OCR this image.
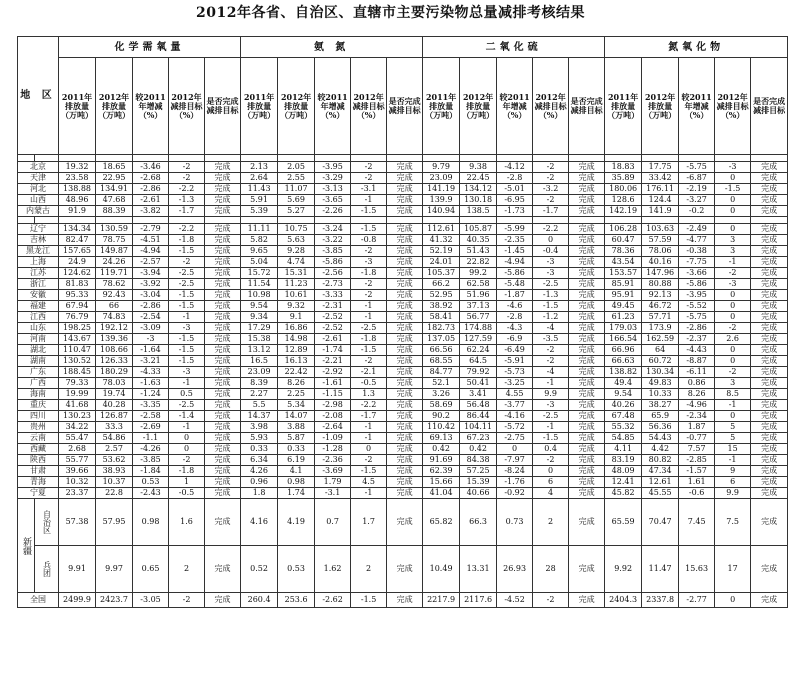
2012年各省、自治区、直辖市主要污染物总量减排考核结果
地 区		化学需氧量					氨 氮					二氧化硫					氮氧化物				
		2011年排放量（万吨）	2012年排放量（万吨）	较2011年增减（%）	2012年减排目标（%）	是否完成减排目标	2011年排放量（万吨）	2012年排放量（万吨）	较2011年增减（%）	2012年减排目标（%）	是否完成减排目标	2011年排放量（万吨）	2012年排放量（万吨）	较2011年增减（%）	2012年减排目标（%）	是否完成减排目标	2011年排放量（万吨）	2012年排放量（万吨）	较2011年增减（%）	2012年减排目标（%）	是否完成减排目标

北京		19.32	18.65	-3.46	-2	完成	2.13	2.05	-3.95	-2	完成	9.79	9.38	-4.12	-2	完成	18.83	17.75	-5.75	-3	完成
天津		23.58	22.95	-2.68	-2	完成	2.64	2.55	-3.29	-2	完成	23.09	22.45	-2.8	-2	完成	35.89	33.42	-6.87	0	完成
河北		138.88	134.91	-2.86	-2.2	完成	11.43	11.07	-3.13	-3.1	完成	141.19	134.12	-5.01	-3.2	完成	180.06	176.11	-2.19	-1.5	完成
山西		48.96	47.68	-2.61	-1.3	完成	5.91	5.69	-3.65	-1	完成	139.9	130.18	-6.95	-2	完成	128.6	124.4	-3.27	0	完成
内蒙古		91.9	88.39	-3.82	-1.7	完成	5.39	5.27	-2.26	-1.5	完成	140.94	138.5	-1.73	-1.7	完成	142.19	141.9	-0.2	0	完成

辽宁		134.34	130.59	-2.79	-2.2	完成	11.11	10.75	-3.24	-1.5	完成	112.61	105.87	-5.99	-2.2	完成	106.28	103.63	-2.49	0	完成
吉林		82.47	78.75	-4.51	-1.8	完成	5.82	5.63	-3.22	-0.8	完成	41.32	40.35	-2.35	0	完成	60.47	57.59	-4.77	3	完成
黑龙江		157.65	149.87	-4.94	-1.5	完成	9.65	9.28	-3.85	-2	完成	52.19	51.43	-1.45	-0.4	完成	78.36	78.06	-0.38	3	完成
上海		24.9	24.26	-2.57	-2	完成	5.04	4.74	-5.86	-3	完成	24.01	22.82	-4.94	-3	完成	43.54	40.16	-7.75	-1	完成
江苏		124.62	119.71	-3.94	-2.5	完成	15.72	15.31	-2.56	-1.8	完成	105.37	99.2	-5.86	-3	完成	153.57	147.96	-3.66	-2	完成
浙江		81.83	78.62	-3.92	-2.5	完成	11.54	11.23	-2.73	-2	完成	66.2	62.58	-5.48	-2.5	完成	85.91	80.88	-5.86	-3	完成
安徽		95.33	92.43	-3.04	-1.5	完成	10.98	10.61	-3.33	-2	完成	52.95	51.96	-1.87	-1.3	完成	95.91	92.13	-3.95	0	完成
福建		67.94	66	-2.86	-1.5	完成	9.54	9.32	-2.31	-1	完成	38.92	37.13	-4.6	-1.5	完成	49.45	46.72	-5.52	0	完成
江西		76.79	74.83	-2.54	-1	完成	9.34	9.1	-2.52	-1	完成	58.41	56.77	-2.8	-1.2	完成	61.23	57.71	-5.75	0	完成
山东		198.25	192.12	-3.09	-3	完成	17.29	16.86	-2.52	-2.5	完成	182.73	174.88	-4.3	-4	完成	179.03	173.9	-2.86	-2	完成
河南		143.67	139.36	-3	-1.5	完成	15.38	14.98	-2.61	-1.8	完成	137.05	127.59	-6.9	-3.5	完成	166.54	162.59	-2.37	2.6	完成
湖北		110.47	108.66	-1.64	-1.5	完成	13.12	12.89	-1.74	-1.5	完成	66.56	62.24	-6.49	-2	完成	66.96	64	-4.43	0	完成
湖南		130.52	126.33	-3.21	-1.5	完成	16.5	16.13	-2.21	-2	完成	68.55	64.5	-5.91	-2	完成	66.63	60.72	-8.87	0	完成
广东		188.45	180.29	-4.33	-3	完成	23.09	22.42	-2.92	-2.1	完成	84.77	79.92	-5.73	-4	完成	138.82	130.34	-6.11	-2	完成
广西		79.33	78.03	-1.63	-1	完成	8.39	8.26	-1.61	-0.5	完成	52.1	50.41	-3.25	-1	完成	49.4	49.83	0.86	3	完成
海南		19.99	19.74	-1.24	0.5	完成	2.27	2.25	-1.15	1.3	完成	3.26	3.41	4.55	9.9	完成	9.54	10.33	8.26	8.5	完成
重庆		41.68	40.28	-3.35	-2.5	完成	5.5	5.34	-2.98	-2.2	完成	58.69	56.48	-3.77	-3	完成	40.26	38.27	-4.96	-1	完成
四川		130.23	126.87	-2.58	-1.4	完成	14.37	14.07	-2.08	-1.7	完成	90.2	86.44	-4.16	-2.5	完成	67.48	65.9	-2.34	0	完成
贵州		34.22	33.3	-2.69	-1	完成	3.98	3.88	-2.64	-1	完成	110.42	104.11	-5.72	-1	完成	55.32	56.36	1.87	5	完成
云南		55.47	54.86	-1.1	0	完成	5.93	5.87	-1.09	-1	完成	69.13	67.23	-2.75	-1.5	完成	54.85	54.43	-0.77	5	完成
西藏		2.68	2.57	-4.26	0	完成	0.33	0.33	-1.28	0	完成	0.42	0.42	0	0.4	完成	4.11	4.42	7.57	15	完成
陕西		55.77	53.62	-3.85	-2	完成	6.34	6.19	-2.36	-2	完成	91.69	84.38	-7.97	-2	完成	83.19	80.82	-2.85	-1	完成
甘肃		39.66	38.93	-1.84	-1.8	完成	4.26	4.1	-3.69	-1.5	完成	62.39	57.25	-8.24	0	完成	48.09	47.34	-1.57	9	完成
青海		10.32	10.37	0.53	1	完成	0.96	0.98	1.79	4.5	完成	15.66	15.39	-1.76	6	完成	12.41	12.61	1.61	6	完成
宁夏		23.37	22.8	-2.43	-0.5	完成	1.8	1.74	-3.1	-1	完成	41.04	40.66	-0.92	4	完成	45.82	45.55	-0.6	9.9	完成
新疆	自治区	57.38	57.95	0.98	1.6	完成	4.16	4.19	0.7	1.7	完成	65.82	66.3	0.73	2	完成	65.59	70.47	7.45	7.5	完成
	兵团	9.91	9.97	0.65	2	完成	0.52	0.53	1.62	2	完成	10.49	13.31	26.93	28	完成	9.92	11.47	15.63	17	完成
全国		2499.9	2423.7	-3.05	-2	完成	260.4	253.6	-2.62	-1.5	完成	2217.9	2117.6	-4.52	-2	完成	2404.3	2337.8	-2.77	0	完成
